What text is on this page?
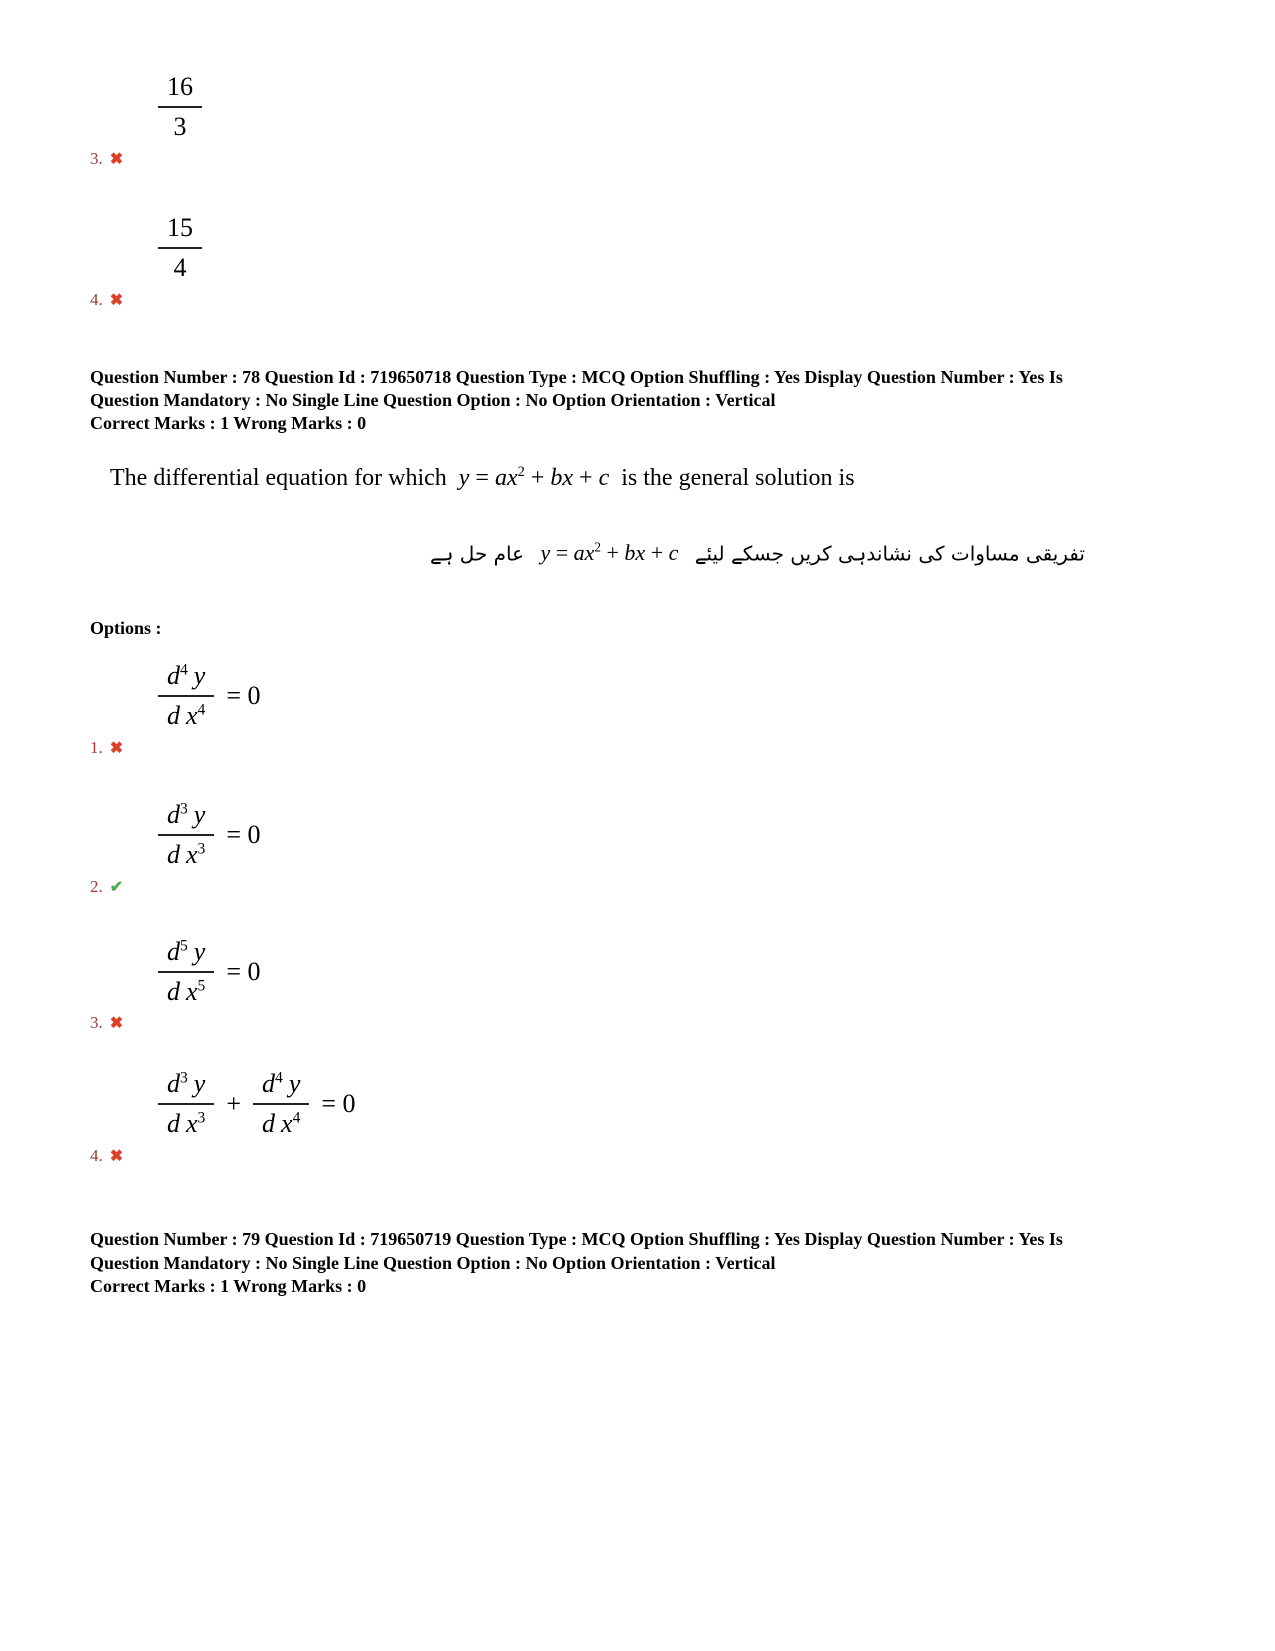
$\frac{16}{3}$
3. ✖
$\frac{15}{4}$
4. ✖
Question Number : 78 Question Id : 719650718 Question Type : MCQ Option Shuffling : Yes Display Question Number : Yes Is
Question Mandatory : No Single Line Question Option : No Option Orientation : Vertical
Correct Marks : 1 Wrong Marks : 0
The differential equation for which $y = ax^2$ + bx + c is the general solution is
تفریقی مساوات کی نشاندہی کریں جسکے لیئے $y = ax^2$ + bx + c عام حل ہے
Options :
$\frac{d^4 y}{d x^4} = 0$
1. ✖
$\frac{d^3 y}{d x^3} = 0$
2. ✔
$\frac{d^5 y}{d x^5} = 0$
3. ✖
$\frac{d^3 y}{d x^3} + \frac{d^4 y}{d x^4} = 0$
4. ✖
Question Number : 79 Question Id : 719650719 Question Type : MCQ Option Shuffling : Yes Display Question Number : Yes Is
Question Mandatory : No Single Line Question Option : No Option Orientation : Vertical
Correct Marks : 1 Wrong Marks : 0
